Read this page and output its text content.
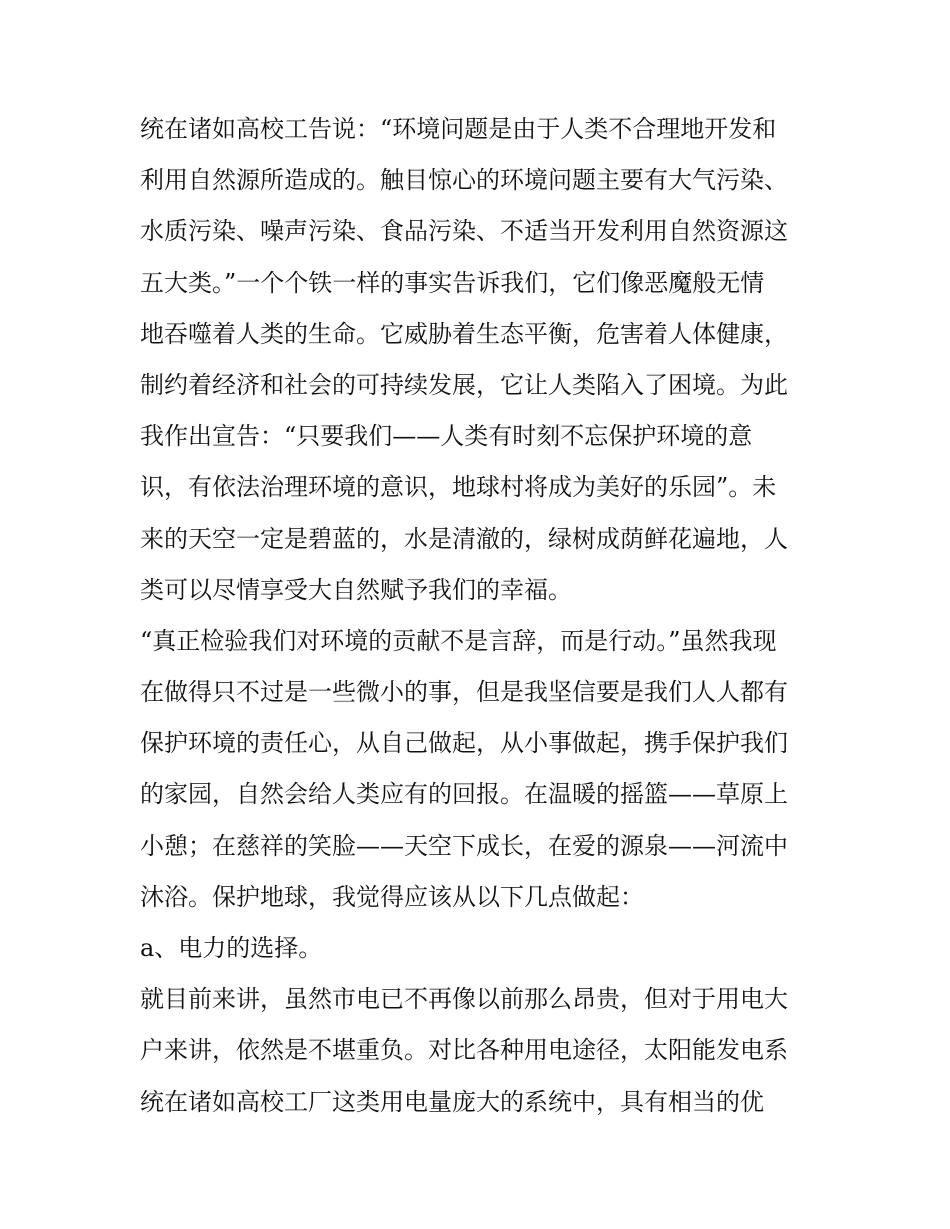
统在诸如高校工告说：“环境问题是由于人类不合理地开发和
利用自然源所造成的。触目惊心的环境问题主要有大气污染、
水质污染、噪声污染、食品污染、不适当开发利用自然资源这
五大类。”一个个铁一样的事实告诉我们，它们像恶魔般无情
地吞噬着人类的生命。它威胁着生态平衡，危害着人体健康，
制约着经济和社会的可持续发展，它让人类陷入了困境。为此
我作出宣告：“只要我们——人类有时刻不忘保护环境的意
识，有依法治理环境的意识，地球村将成为美好的乐园”。未
来的天空一定是碧蓝的，水是清澈的，绿树成荫鲜花遍地，人
类可以尽情享受大自然赋予我们的幸福。
“真正检验我们对环境的贡献不是言辞，而是行动。”虽然我现
在做得只不过是一些微小的事，但是我坚信要是我们人人都有
保护环境的责任心，从自己做起，从小事做起，携手保护我们
的家园，自然会给人类应有的回报。在温暖的摇篮——草原上
小憩；在慈祥的笑脸——天空下成长，在爱的源泉——河流中
沐浴。保护地球，我觉得应该从以下几点做起：
a、电力的选择。
就目前来讲，虽然市电已不再像以前那么昂贵，但对于用电大
户来讲，依然是不堪重负。对比各种用电途径，太阳能发电系
统在诸如高校工厂这类用电量庞大的系统中，具有相当的优
